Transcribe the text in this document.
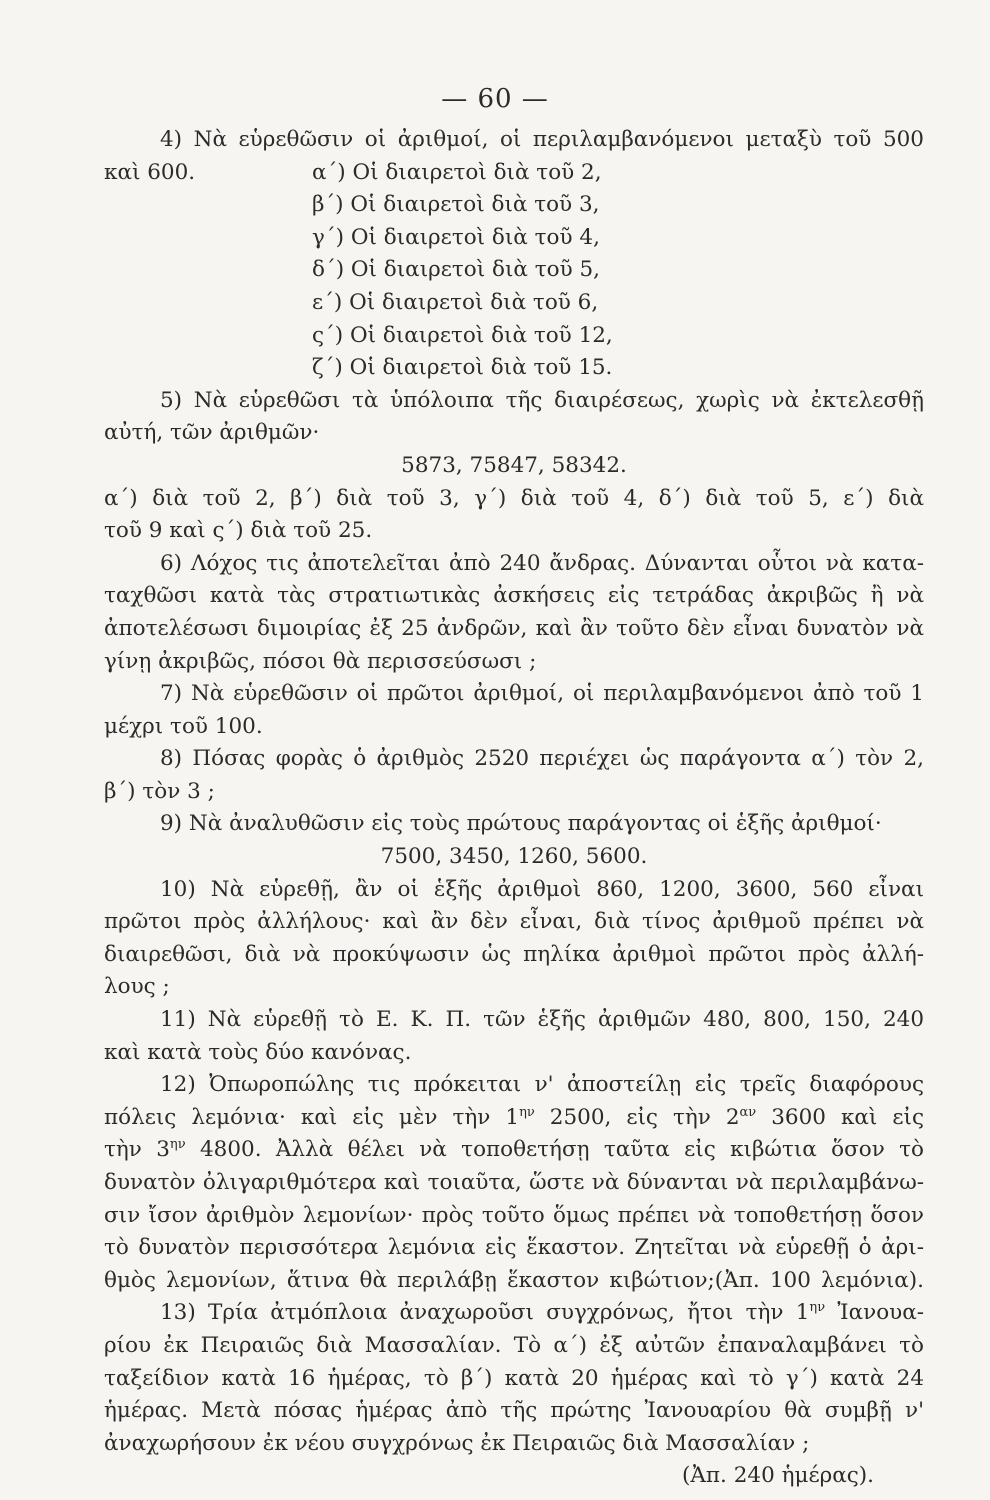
— 60 —
4) Νὰ εὑρεθῶσιν οἱ ἀριθμοί, οἱ περιλαμβανόμενοι μεταξὺ τοῦ 500
καὶ 600.	α΄) Οἱ διαιρετοὶ διὰ τοῦ 2,
β΄) Οἱ διαιρετοὶ διὰ τοῦ 3,
γ΄) Οἱ διαιρετοὶ διὰ τοῦ 4,
δ΄) Οἱ διαιρετοὶ διὰ τοῦ 5,
ε΄) Οἱ διαιρετοὶ διὰ τοῦ 6,
ς΄) Οἱ διαιρετοὶ διὰ τοῦ 12,
ζ΄) Οἱ διαιρετοὶ διὰ τοῦ 15.
5) Νὰ εὑρεθῶσι τὰ ὑπόλοιπα τῆς διαιρέσεως, χωρὶς νὰ ἐκτελεσθῇ
αὐτή, τῶν ἀριθμῶν·
5873, 75847, 58342.
α΄) διὰ τοῦ 2, β΄) διὰ τοῦ 3, γ΄) διὰ τοῦ 4, δ΄) διὰ τοῦ 5, ε΄) διὰ
τοῦ 9 καὶ ς΄) διὰ τοῦ 25.
6) Λόχος τις ἀποτελεῖται ἀπὸ 240 ἄνδρας. Δύνανται οὗτοι νὰ κατα-
ταχθῶσι κατὰ τὰς στρατιωτικὰς ἀσκήσεις εἰς τετράδας ἀκριβῶς ἢ νὰ
ἀποτελέσωσι διμοιρίας ἐξ 25 ἀνδρῶν, καὶ ἂν τοῦτο δὲν εἶναι δυνατὸν νὰ
γίνῃ ἀκριβῶς, πόσοι θὰ περισσεύσωσι ;
7) Νὰ εὑρεθῶσιν οἱ πρῶτοι ἀριθμοί, οἱ περιλαμβανόμενοι ἀπὸ τοῦ 1
μέχρι τοῦ 100.
8) Πόσας φορὰς ὁ ἀριθμὸς 2520 περιέχει ὡς παράγοντα α΄) τὸν 2,
β΄) τὸν 3 ;
9) Νὰ ἀναλυθῶσιν εἰς τοὺς πρώτους παράγοντας οἱ ἑξῆς ἀριθμοί·
7500, 3450, 1260, 5600.
10) Νὰ εὑρεθῇ, ἂν οἱ ἑξῆς ἀριθμοὶ 860, 1200, 3600, 560 εἶναι
πρῶτοι πρὸς ἀλλήλους· καὶ ἂν δὲν εἶναι, διὰ τίνος ἀριθμοῦ πρέπει νὰ
διαιρεθῶσι, διὰ νὰ προκύψωσιν ὡς πηλίκα ἀριθμοὶ πρῶτοι πρὸς ἀλλή-
λους ;
11) Νὰ εὑρεθῇ τὸ Ε. Κ. Π. τῶν ἑξῆς ἀριθμῶν 480, 800, 150, 240
καὶ κατὰ τοὺς δύο κανόνας.
12) Ὀπωροπώλης τις πρόκειται ν' ἀποστείλῃ εἰς τρεῖς διαφόρους
πόλεις λεμόνια· καὶ εἰς μὲν τὴν $1^{\eta\nu}$ 2500, εἰς τὴν $2^{\alpha\nu}$ 3600 καὶ εἰς
τὴν $3^{\eta\nu}$ 4800. Ἀλλὰ θέλει νὰ τοποθετήσῃ ταῦτα εἰς κιβώτια ὅσον τὸ
δυνατὸν ὀλιγαριθμότερα καὶ τοιαῦτα, ὥστε νὰ δύνανται νὰ περιλαμβάνω-
σιν ἴσον ἀριθμὸν λεμονίων· πρὸς τοῦτο ὅμως πρέπει νὰ τοποθετήσῃ ὅσον
τὸ δυνατὸν περισσότερα λεμόνια εἰς ἕκαστον. Ζητεῖται νὰ εὑρεθῇ ὁ ἀρι-
θμὸς λεμονίων, ἅτινα θὰ περιλάβῃ ἕκαστον κιβώτιον;(Ἀπ. 100 λεμόνια).
13) Τρία ἀτμόπλοια ἀναχωροῦσι συγχρόνως, ἤτοι τὴν $1^{\eta\nu}$ Ἰανουα-
ρίου ἐκ Πειραιῶς διὰ Μασσαλίαν. Τὸ α΄) ἐξ αὐτῶν ἐπαναλαμβάνει τὸ
ταξείδιον κατὰ 16 ἡμέρας, τὸ β΄) κατὰ 20 ἡμέρας καὶ τὸ γ΄) κατὰ 24
ἡμέρας. Μετὰ πόσας ἡμέρας ἀπὸ τῆς πρώτης Ἰανουαρίου θὰ συμβῇ ν'
ἀναχωρήσουν ἐκ νέου συγχρόνως ἐκ Πειραιῶς διὰ Μασσαλίαν ;
(Ἀπ. 240 ἡμέρας).
